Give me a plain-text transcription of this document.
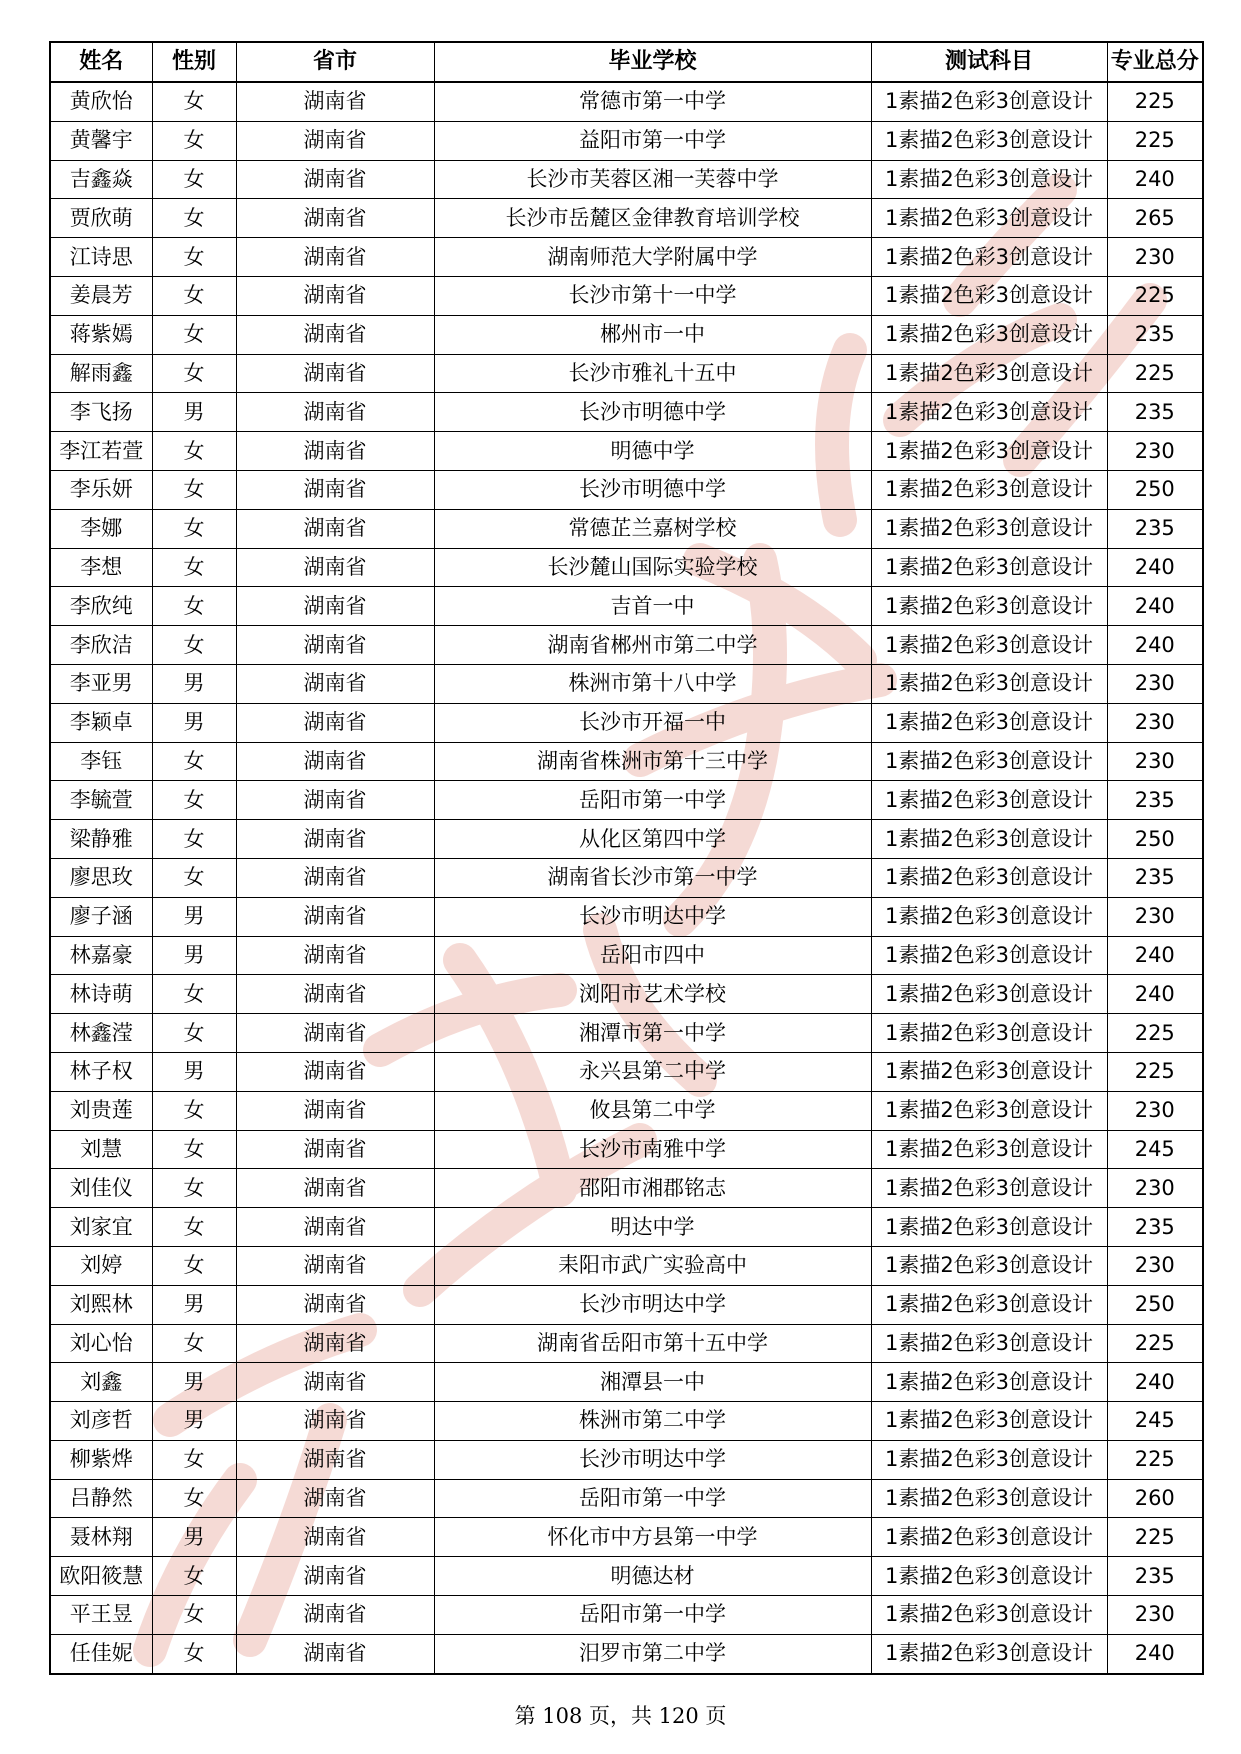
姓名	性别	省市	毕业学校	测试科目	专业总分
黄欣怡	女	湖南省	常德市第一中学	1素描2色彩3创意设计	225
黄馨宇	女	湖南省	益阳市第一中学	1素描2色彩3创意设计	225
吉鑫焱	女	湖南省	长沙市芙蓉区湘一芙蓉中学	1素描2色彩3创意设计	240
贾欣萌	女	湖南省	长沙市岳麓区金律教育培训学校	1素描2色彩3创意设计	265
江诗思	女	湖南省	湖南师范大学附属中学	1素描2色彩3创意设计	230
姜晨芳	女	湖南省	长沙市第十一中学	1素描2色彩3创意设计	225
蒋紫嫣	女	湖南省	郴州市一中	1素描2色彩3创意设计	235
解雨鑫	女	湖南省	长沙市雅礼十五中	1素描2色彩3创意设计	225
李飞扬	男	湖南省	长沙市明德中学	1素描2色彩3创意设计	235
李江若萱	女	湖南省	明德中学	1素描2色彩3创意设计	230
李乐妍	女	湖南省	长沙市明德中学	1素描2色彩3创意设计	250
李娜	女	湖南省	常德芷兰嘉树学校	1素描2色彩3创意设计	235
李想	女	湖南省	长沙麓山国际实验学校	1素描2色彩3创意设计	240
李欣纯	女	湖南省	吉首一中	1素描2色彩3创意设计	240
李欣洁	女	湖南省	湖南省郴州市第二中学	1素描2色彩3创意设计	240
李亚男	男	湖南省	株洲市第十八中学	1素描2色彩3创意设计	230
李颖卓	男	湖南省	长沙市开福一中	1素描2色彩3创意设计	230
李钰	女	湖南省	湖南省株洲市第十三中学	1素描2色彩3创意设计	230
李毓萱	女	湖南省	岳阳市第一中学	1素描2色彩3创意设计	235
梁静雅	女	湖南省	从化区第四中学	1素描2色彩3创意设计	250
廖思玫	女	湖南省	湖南省长沙市第一中学	1素描2色彩3创意设计	235
廖子涵	男	湖南省	长沙市明达中学	1素描2色彩3创意设计	230
林嘉豪	男	湖南省	岳阳市四中	1素描2色彩3创意设计	240
林诗萌	女	湖南省	浏阳市艺术学校	1素描2色彩3创意设计	240
林鑫滢	女	湖南省	湘潭市第一中学	1素描2色彩3创意设计	225
林子权	男	湖南省	永兴县第二中学	1素描2色彩3创意设计	225
刘贵莲	女	湖南省	攸县第二中学	1素描2色彩3创意设计	230
刘慧	女	湖南省	长沙市南雅中学	1素描2色彩3创意设计	245
刘佳仪	女	湖南省	邵阳市湘郡铭志	1素描2色彩3创意设计	230
刘家宜	女	湖南省	明达中学	1素描2色彩3创意设计	235
刘婷	女	湖南省	耒阳市武广实验高中	1素描2色彩3创意设计	230
刘熙林	男	湖南省	长沙市明达中学	1素描2色彩3创意设计	250
刘心怡	女	湖南省	湖南省岳阳市第十五中学	1素描2色彩3创意设计	225
刘鑫	男	湖南省	湘潭县一中	1素描2色彩3创意设计	240
刘彦哲	男	湖南省	株洲市第二中学	1素描2色彩3创意设计	245
柳紫烨	女	湖南省	长沙市明达中学	1素描2色彩3创意设计	225
吕静然	女	湖南省	岳阳市第一中学	1素描2色彩3创意设计	260
聂林翔	男	湖南省	怀化市中方县第一中学	1素描2色彩3创意设计	225
欧阳筱慧	女	湖南省	明德达材	1素描2色彩3创意设计	235
平王昱	女	湖南省	岳阳市第一中学	1素描2色彩3创意设计	230
任佳妮	女	湖南省	汨罗市第二中学	1素描2色彩3创意设计	240
第 108 页，共 120 页
